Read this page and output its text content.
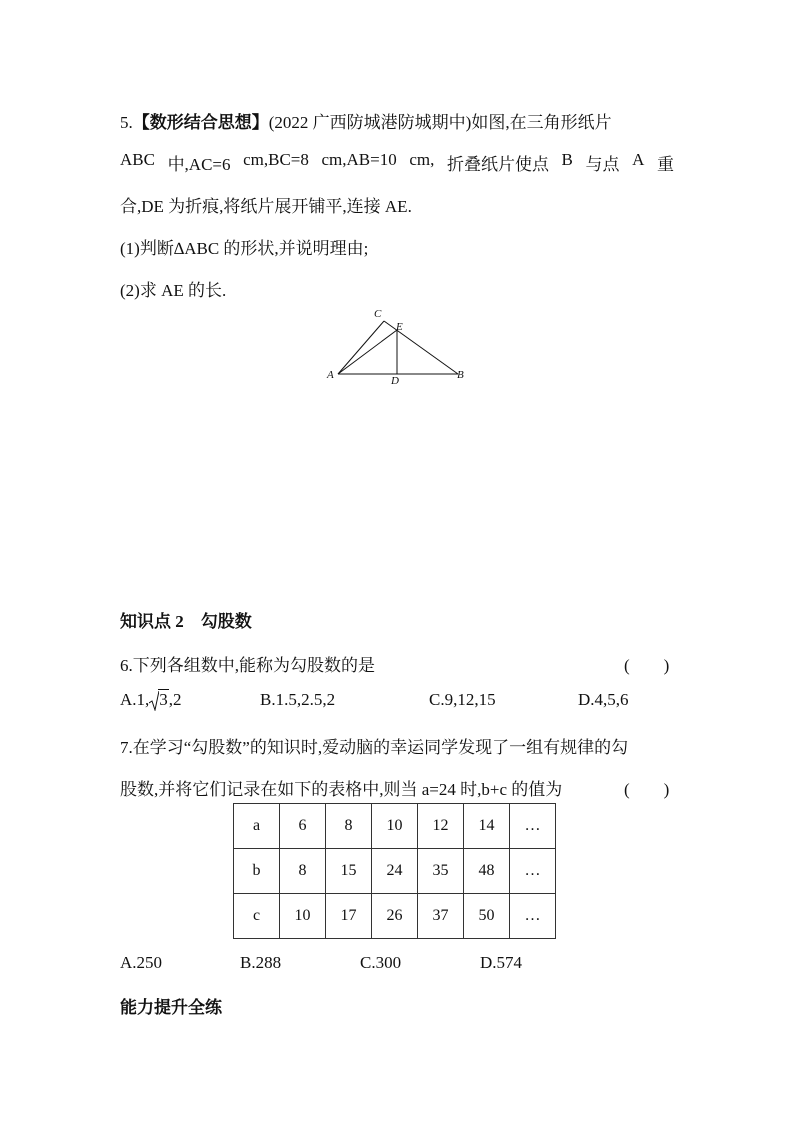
5.【数形结合思想】(2022 广西防城港防城期中)如图,在三角形纸片
ABC 中,AC=6 cm,BC=8 cm,AB=10 cm, 折叠纸片使点 B 与点 A 重
合,DE 为折痕,将纸片展开铺平,连接 AE.
(1)判断∆ABC 的形状,并说明理由;
(2)求 AE 的长.
C
E
A	D	B
知识点 2　勾股数
6.下列各组数中,能称为勾股数的是	(　　)
A.1, 3,2	B.1.5,2.5,2	C.9,12,15	D.4,5,6
7.在学习“勾股数”的知识时,爱动脑的幸运同学发现了一组有规律的勾
股数,并将它们记录在如下的表格中,则当 a=24 时,b+c 的值为	(　　)
a	6	8	10	12	14	…
b	8	15	24	35	48	…
c	10	17	26	37	50	…
A.250	B.288	C.300	D.574
能力提升全练
